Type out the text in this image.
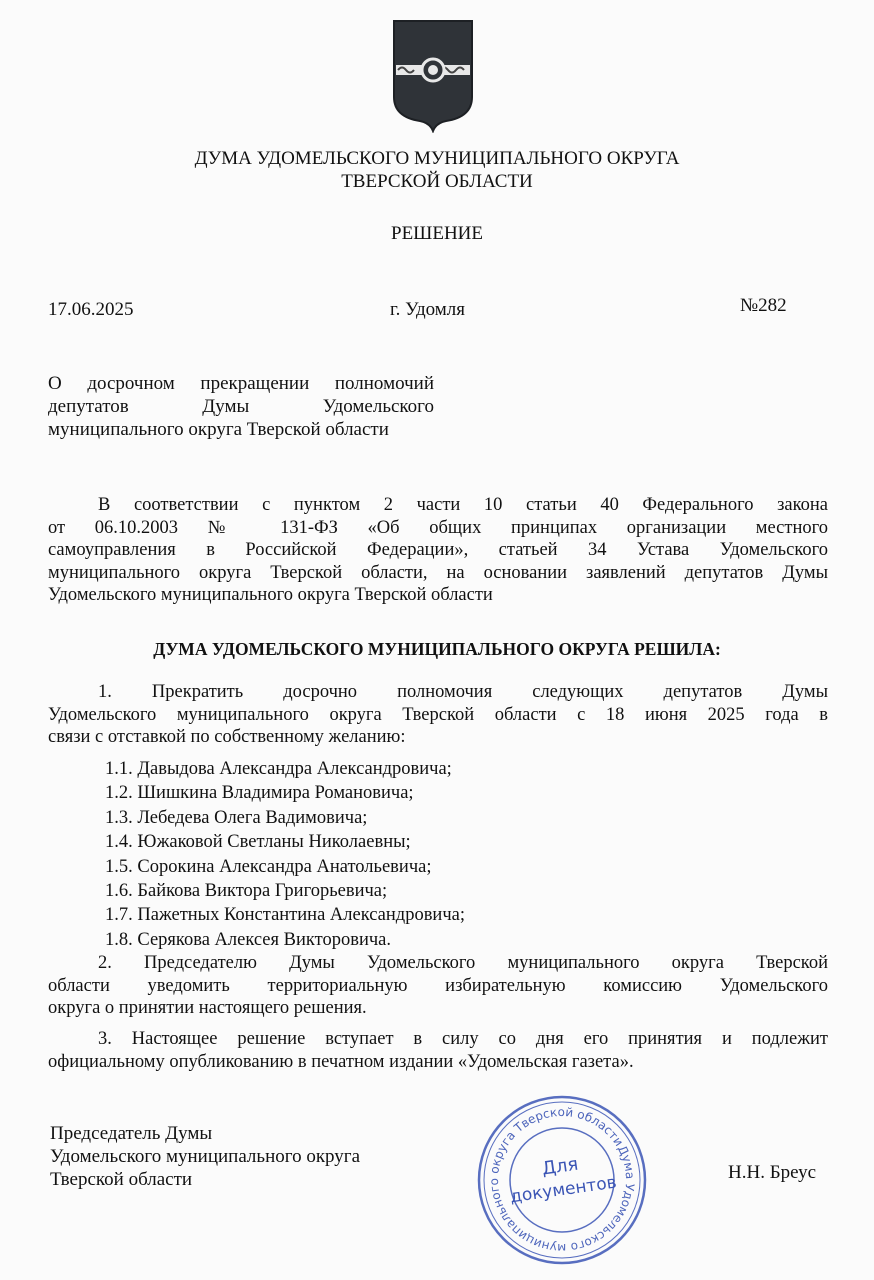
ДУМА УДОМЕЛЬСКОГО МУНИЦИПАЛЬНОГО ОКРУГА
ТВЕРСКОЙ ОБЛАСТИ
РЕШЕНИЕ
17.06.2025	г. Удомля	№282
О досрочном прекращении полномочий
депутатов Думы Удомельского
муниципального округа Тверской области
В соответствии с пунктом 2 части 10 статьи 40 Федерального закона
от 06.10.2003 № 131-ФЗ «Об общих принципах организации местного
самоуправления в Российской Федерации», статьей 34 Устава Удомельского
муниципального округа Тверской области, на основании заявлений депутатов Думы
Удомельского муниципального округа Тверской области
ДУМА УДОМЕЛЬСКОГО МУНИЦИПАЛЬНОГО ОКРУГА РЕШИЛА:
1. Прекратить досрочно полномочия следующих депутатов Думы
Удомельского муниципального округа Тверской области с 18 июня 2025 года в
связи с отставкой по собственному желанию:
1.1. Давыдова Александра Александровича;
1.2. Шишкина Владимира Романовича;
1.3. Лебедева Олега Вадимовича;
1.4. Южаковой Светланы Николаевны;
1.5. Сорокина Александра Анатольевича;
1.6. Байкова Виктора Григорьевича;
1.7. Пажетных Константина Александровича;
1.8. Серякова Алексея Викторовича.
2. Председателю Думы Удомельского муниципального округа Тверской
области уведомить территориальную избирательную комиссию Удомельского
округа о принятии настоящего решения.
3. Настоящее решение вступает в силу со дня его принятия и подлежит
официальному опубликованию в печатном издании «Удомельская газета».
Председатель Думы
Удомельского муниципального округа
Тверской области	Н.Н. Бреус
Дума Удомельского муниципального округа Тверской области
Для
документов
